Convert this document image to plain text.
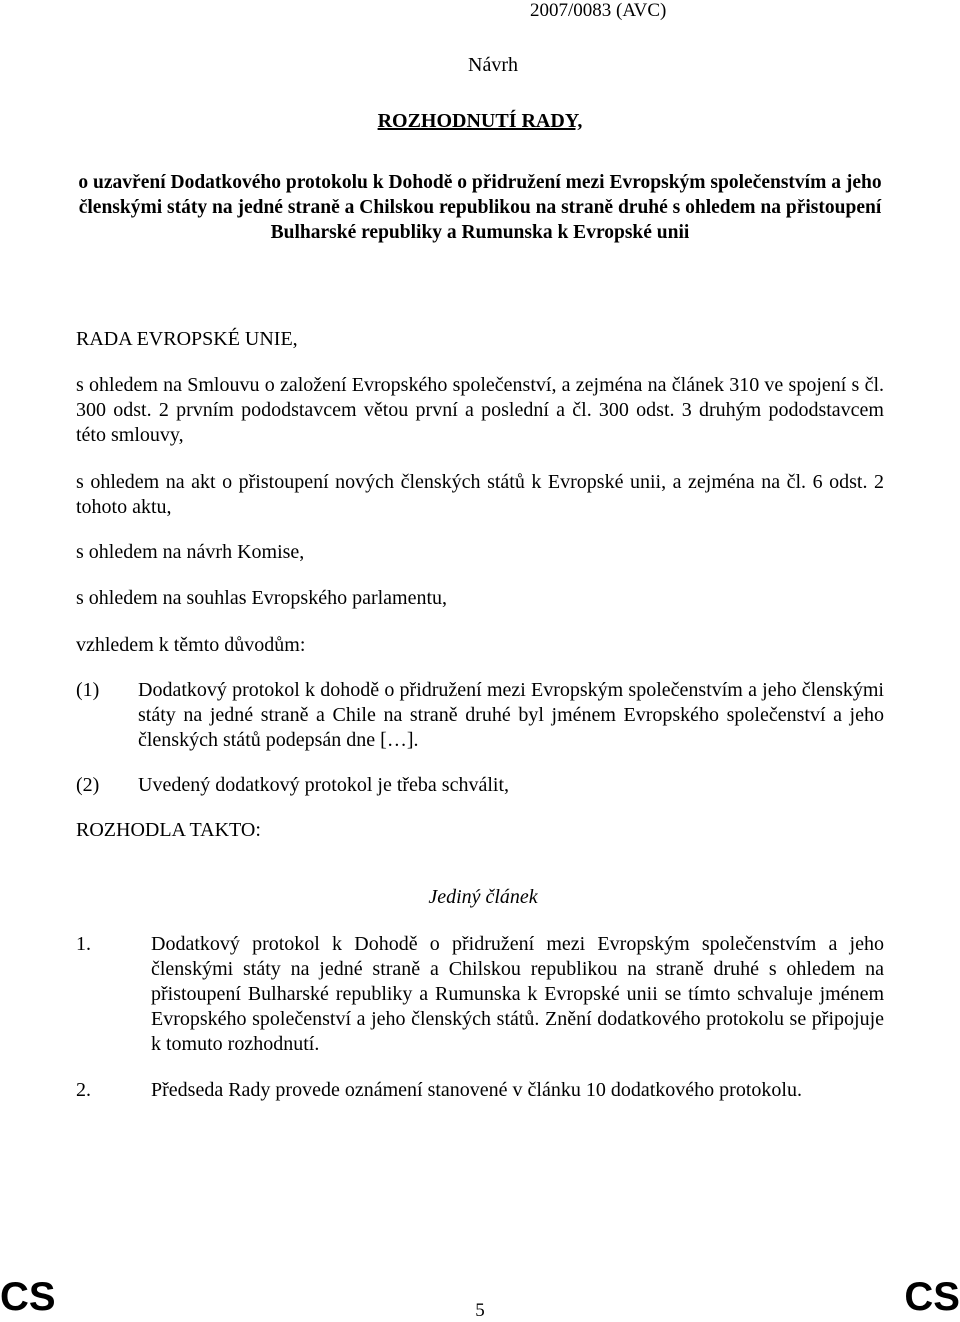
2007/0083 (AVC)
Návrh
ROZHODNUTÍ RADY,
o uzavření Dodatkového protokolu k Dohodě o přidružení mezi Evropským společenstvím a jeho členskými státy na jedné straně a Chilskou republikou na straně druhé s ohledem na přistoupení Bulharské republiky a Rumunska k Evropské unii
RADA EVROPSKÉ UNIE,
s ohledem na Smlouvu o založení Evropského společenství, a zejména na článek 310 ve spojení s čl. 300 odst. 2 prvním pododstavcem větou první a poslední a čl. 300 odst. 3 druhým pododstavcem této smlouvy,
s ohledem na akt o přistoupení nových členských států k Evropské unii, a zejména na čl. 6 odst. 2 tohoto aktu,
s ohledem na návrh Komise,
s ohledem na souhlas Evropského parlamentu,
vzhledem k těmto důvodům:
(1) Dodatkový protokol k dohodě o přidružení mezi Evropským společenstvím a jeho členskými státy na jedné straně a Chile na straně druhé byl jménem Evropského společenství a jeho členských států podepsán dne […].
(2) Uvedený dodatkový protokol je třeba schválit,
ROZHODLA TAKTO:
Jediný článek
1.	Dodatkový protokol k Dohodě o přidružení mezi Evropským společenstvím a jeho členskými státy na jedné straně a Chilskou republikou na straně druhé s ohledem na přistoupení Bulharské republiky a Rumunska k Evropské unii se tímto schvaluje jménem Evropského společenství a jeho členských států. Znění dodatkového protokolu se připojuje k tomuto rozhodnutí.
2.	Předseda Rady provede oznámení stanovené v článku 10 dodatkového protokolu.
CS	5	CS
